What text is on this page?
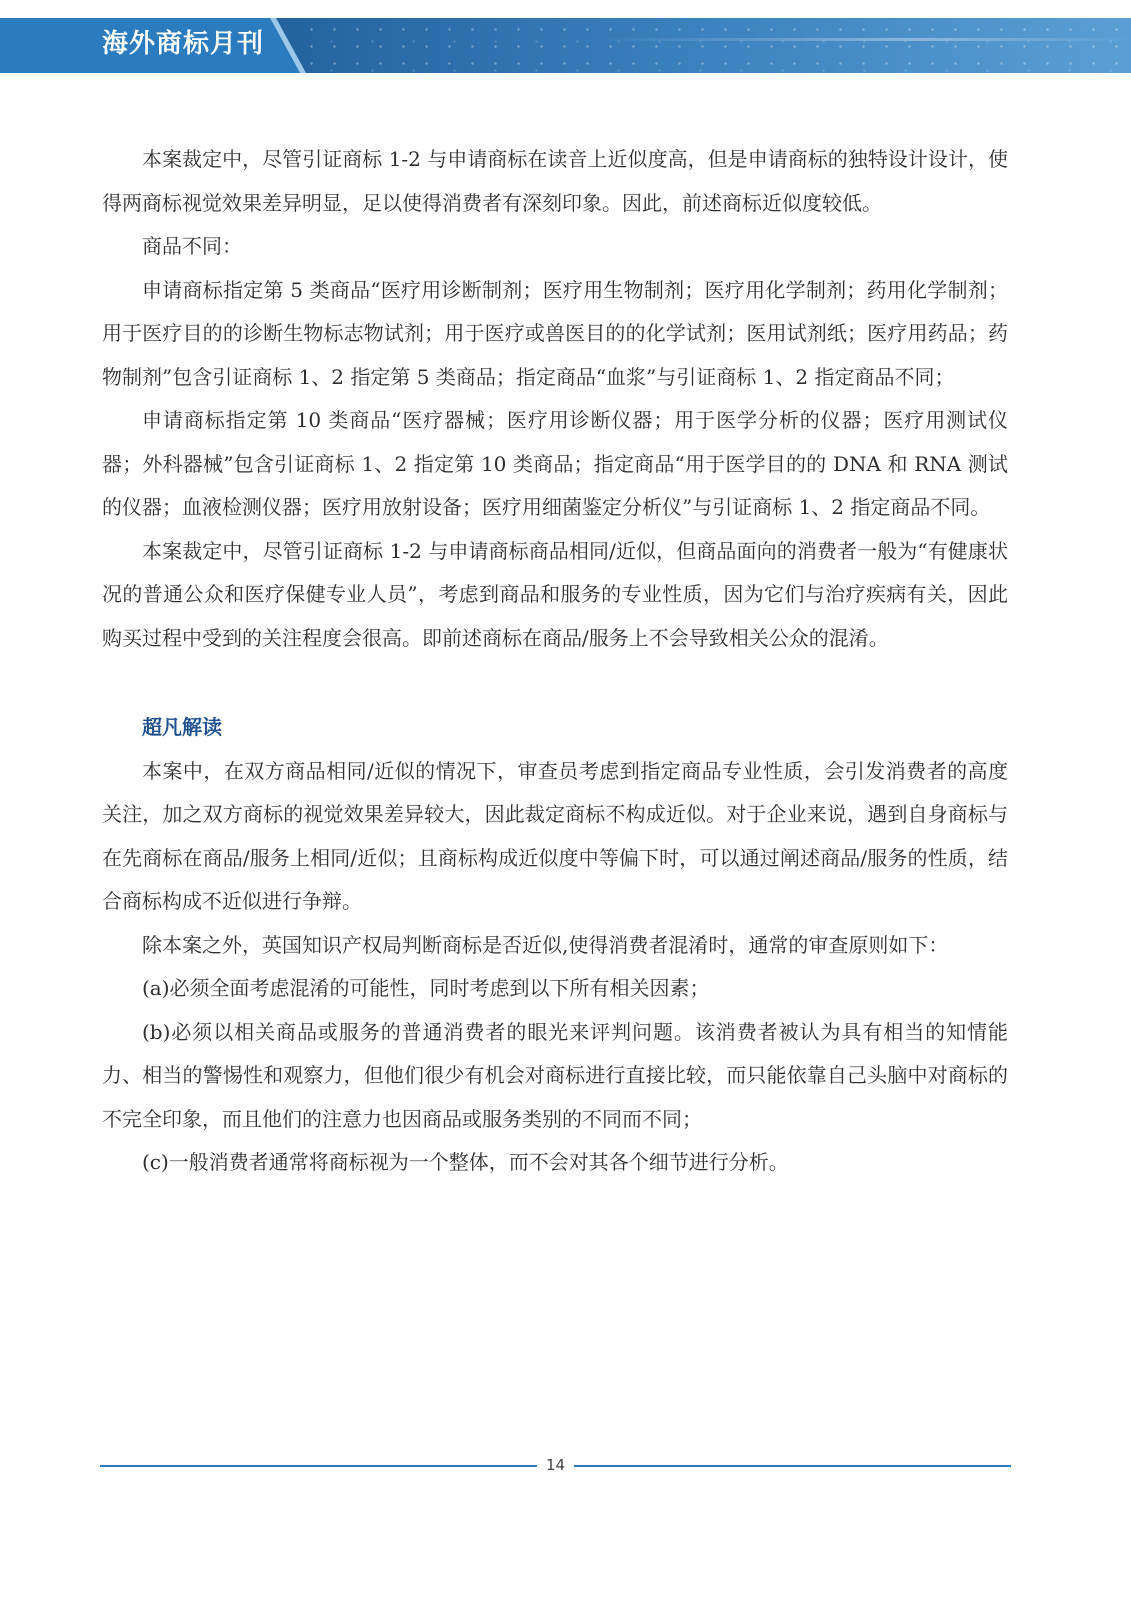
海外商标月刊

本案裁定中，尽管引证商标 1-2 与申请商标在读音上近似度高，但是申请商标的独特设计设计，使得两商标视觉效果差异明显，足以使得消费者有深刻印象。因此，前述商标近似度较低。

商品不同：

申请商标指定第 5 类商品“医疗用诊断制剂；医疗用生物制剂；医疗用化学制剂；药用化学制剂；用于医疗目的的诊断生物标志物试剂；用于医疗或兽医目的的化学试剂；医用试剂纸；医疗用药品；药物制剂”包含引证商标 1、2 指定第 5 类商品；指定商品“血浆”与引证商标 1、2 指定商品不同；

申请商标指定第 10 类商品“医疗器械；医疗用诊断仪器；用于医学分析的仪器；医疗用测试仪器；外科器械”包含引证商标 1、2 指定第 10 类商品；指定商品“用于医学目的的 DNA 和 RNA 测试的仪器；血液检测仪器；医疗用放射设备；医疗用细菌鉴定分析仪”与引证商标 1、2 指定商品不同。

本案裁定中，尽管引证商标 1-2 与申请商标商品相同/近似，但商品面向的消费者一般为“有健康状况的普通公众和医疗保健专业人员”，考虑到商品和服务的专业性质，因为它们与治疗疾病有关，因此购买过程中受到的关注程度会很高。即前述商标在商品/服务上不会导致相关公众的混淆。

超凡解读

本案中，在双方商品相同/近似的情况下，审查员考虑到指定商品专业性质，会引发消费者的高度关注，加之双方商标的视觉效果差异较大，因此裁定商标不构成近似。对于企业来说，遇到自身商标与在先商标在商品/服务上相同/近似；且商标构成近似度中等偏下时，可以通过阐述商品/服务的性质，结合商标构成不近似进行争辩。

除本案之外，英国知识产权局判断商标是否近似,使得消费者混淆时，通常的审查原则如下：

(a)必须全面考虑混淆的可能性，同时考虑到以下所有相关因素；

(b)必须以相关商品或服务的普通消费者的眼光来评判问题。该消费者被认为具有相当的知情能力、相当的警惕性和观察力，但他们很少有机会对商标进行直接比较，而只能依靠自己头脑中对商标的不完全印象，而且他们的注意力也因商品或服务类别的不同而不同；

(c)一般消费者通常将商标视为一个整体，而不会对其各个细节进行分析。

14
